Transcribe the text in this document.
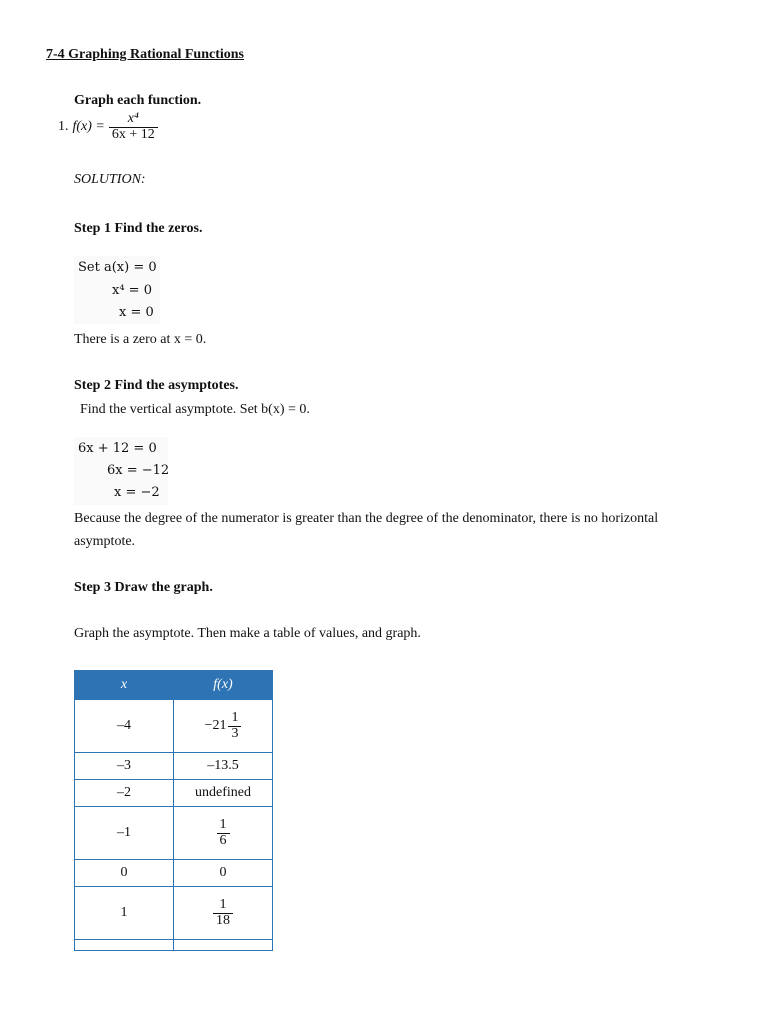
7-4 Graphing Rational Functions
Graph each function.
1. $f(x) = \frac{\text{x⁴}}{6x + 12}$
SOLUTION:
Step 1 Find the zeros.
Set a(x) = 0
x⁴ = 0
x = 0
There is a zero at x = 0.
Step 2 Find the asymptotes.
Find the vertical asymptote. Set b(x) = 0.
6x + 12 = 0
6x = −12
x = −2
Because the degree of the numerator is greater than the degree of the denominator, there is no horizontal
asymptote.
Step 3 Draw the graph.
Graph the asymptote. Then make a table of values, and graph.
x	f(x)
–4	$-21 \frac{1}{3}$

–3	–13.5
–2	undefined
–1	$\frac{1}{6}$

0	0
1	$\frac{1}{18}$
